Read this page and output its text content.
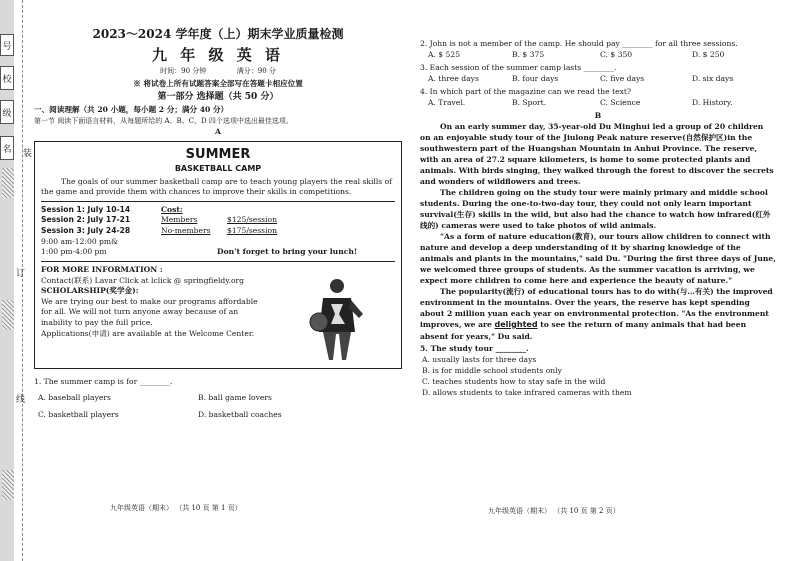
号
校
级
名 装
订
线
2023～2024 学年度（上）期末学业质量检测
九 年 级 英 语
时间：90 分钟	满分：90 分
※ 将试卷上所有试题答案全部写在答题卡相应位置
第一部分 选择题（共 50 分）
一、阅读理解（共 20 小题，每小题 2 分；满分 40 分）
第一节 阅读下面语言材料，从每题所给的 A、B、C、D 四个选项中选出最佳选项。
A
SUMMER
BASKETBALL CAMP

The goals of our summer basketball camp are to teach young players the real skills of the game and provide them with chances to improve their skills in competitions.

Session 1: July 10-14
Session 2: July 17-21
Session 3: July 24-28
Cost:
Members	$125/session
No-members $175/session
9:00 am-12:00 pm&
1:00 pm-4:00 pm	Don't forget to bring your lunch!
FOR MORE INFORMATION :
Contact(联系) Lavar Click at lclick @ springfieldy.org
SCHOLARSHIP(奖学金):
We are trying our best to make our programs affordable for all. We will not turn anyone away because of an inability to pay the full price.
Applications(申请) are available at the Welcome Center.
1. The summer camp is for ________.
A. baseball players	B. ball game lovers
C. basketball players	D. basketball coaches
九年级英语（期末） （共 10 页 第 1 页）
2. John is not a member of the camp. He should pay ________ for all three sessions.
A. $ 525	B. $ 375	C. $ 350	D. $ 250
3. Each session of the summer camp lasts ________.
A. three days	B. four days	C. five days	D. six days
4. In which part of the magazine can we read the text?
A. Travel.	B. Sport.	C. Science	D. History.
B

On an early summer day, 35-year-old Du Minghui led a group of 20 children on an enjoyable study tour of the Jiulong Peak nature reserve(自然保护区)in the southwestern part of the Huangshan Mountain in Anhui Province. The reserve, with an area of 27.2 square kilometers, is home to some protected plants and animals. With birds singing, they walked through the forest to discover the secrets and wonders of wildflowers and trees.

The children going on the study tour were mainly primary and middle school students. During the one-to-two-day tour, they could not only learn important survival(生存) skills in the wild, but also had the chance to watch how infrared(红外线的) cameras were used to take photos of wild animals.

"As a form of nature education(教育), our tours allow children to connect with nature and develop a deep understanding of it by sharing knowledge of the animals and plants in the mountains," said Du. "During the first three days of June, we welcomed three groups of students. As the summer vacation is arriving, we expect more children to come here and experience the beauty of nature."

The popularity(流行) of educational tours has to do with(与…有关) the improved environment in the mountains. Over the years, the reserve has kept spending about 2 million yuan each year on environmental protection. "As the environment improves, we are delighted to see the return of many animals that had been absent for years," Du said.

5. The study tour ________.
A. usually lasts for three days
B. is for middle school students only
C. teaches students how to stay safe in the wild
D. allows students to take infrared cameras with them
九年级英语（期末） （共 10 页 第 2 页）
